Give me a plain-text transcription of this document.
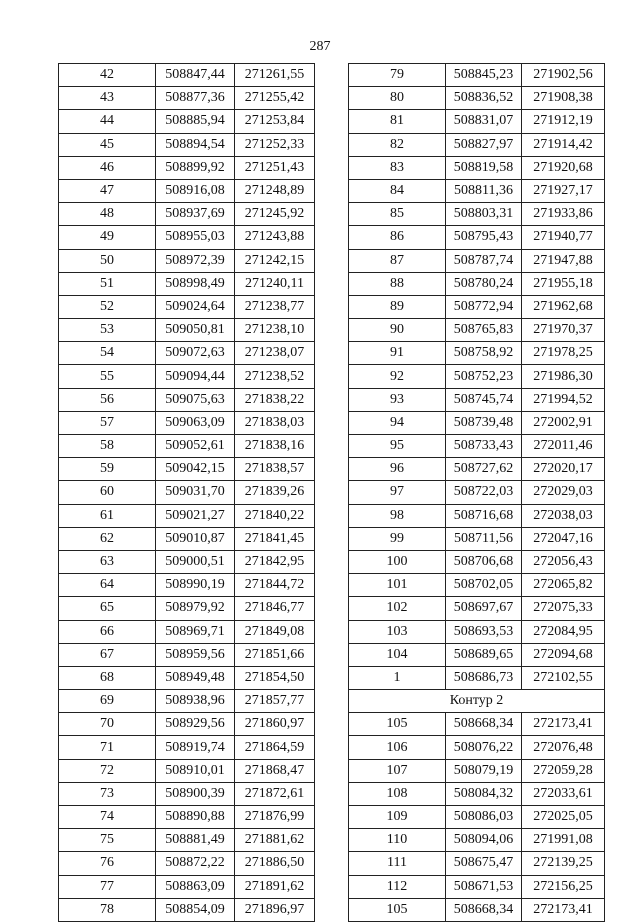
287
42	508847,44	271261,55
43	508877,36	271255,42
44	508885,94	271253,84
45	508894,54	271252,33
46	508899,92	271251,43
47	508916,08	271248,89
48	508937,69	271245,92
49	508955,03	271243,88
50	508972,39	271242,15
51	508998,49	271240,11
52	509024,64	271238,77
53	509050,81	271238,10
54	509072,63	271238,07
55	509094,44	271238,52
56	509075,63	271838,22
57	509063,09	271838,03
58	509052,61	271838,16
59	509042,15	271838,57
60	509031,70	271839,26
61	509021,27	271840,22
62	509010,87	271841,45
63	509000,51	271842,95
64	508990,19	271844,72
65	508979,92	271846,77
66	508969,71	271849,08
67	508959,56	271851,66
68	508949,48	271854,50
69	508938,96	271857,77
70	508929,56	271860,97
71	508919,74	271864,59
72	508910,01	271868,47
73	508900,39	271872,61
74	508890,88	271876,99
75	508881,49	271881,62
76	508872,22	271886,50
77	508863,09	271891,62
78	508854,09	271896,97
79	508845,23	271902,56
80	508836,52	271908,38
81	508831,07	271912,19
82	508827,97	271914,42
83	508819,58	271920,68
84	508811,36	271927,17
85	508803,31	271933,86
86	508795,43	271940,77
87	508787,74	271947,88
88	508780,24	271955,18
89	508772,94	271962,68
90	508765,83	271970,37
91	508758,92	271978,25
92	508752,23	271986,30
93	508745,74	271994,52
94	508739,48	272002,91
95	508733,43	272011,46
96	508727,62	272020,17
97	508722,03	272029,03
98	508716,68	272038,03
99	508711,56	272047,16
100	508706,68	272056,43
101	508702,05	272065,82
102	508697,67	272075,33
103	508693,53	272084,95
104	508689,65	272094,68
1	508686,73	272102,55
Контур 2		
105	508668,34	272173,41
106	508076,22	272076,48
107	508079,19	272059,28
108	508084,32	272033,61
109	508086,03	272025,05
110	508094,06	271991,08
111	508675,47	272139,25
112	508671,53	272156,25
105	508668,34	272173,41
